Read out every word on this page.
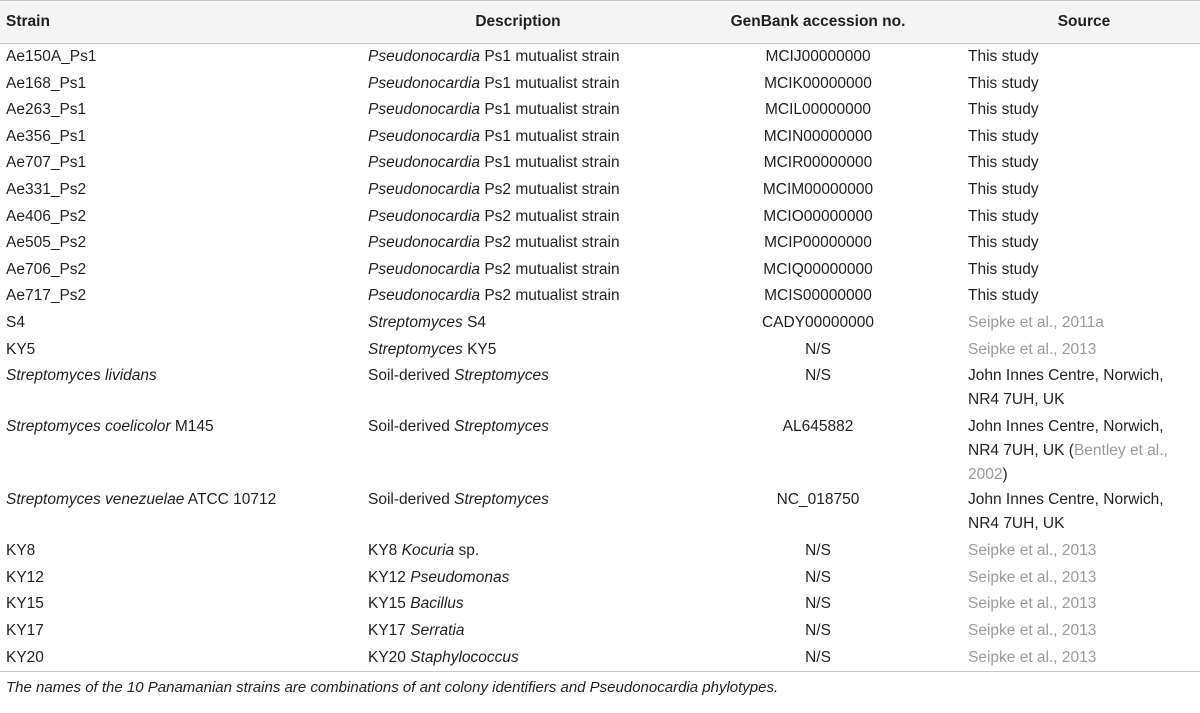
Strain	Description	GenBank accession no.	Source
Ae150A_Ps1	Pseudonocardia Ps1 mutualist strain	MCIJ00000000	This study
Ae168_Ps1	Pseudonocardia Ps1 mutualist strain	MCIK00000000	This study
Ae263_Ps1	Pseudonocardia Ps1 mutualist strain	MCIL00000000	This study
Ae356_Ps1	Pseudonocardia Ps1 mutualist strain	MCIN00000000	This study
Ae707_Ps1	Pseudonocardia Ps1 mutualist strain	MCIR00000000	This study
Ae331_Ps2	Pseudonocardia Ps2 mutualist strain	MCIM00000000	This study
Ae406_Ps2	Pseudonocardia Ps2 mutualist strain	MCIO00000000	This study
Ae505_Ps2	Pseudonocardia Ps2 mutualist strain	MCIP00000000	This study
Ae706_Ps2	Pseudonocardia Ps2 mutualist strain	MCIQ00000000	This study
Ae717_Ps2	Pseudonocardia Ps2 mutualist strain	MCIS00000000	This study
S4	Streptomyces S4	CADY00000000	Seipke et al., 2011a
KY5	Streptomyces KY5	N/S	Seipke et al., 2013
Streptomyces lividans	Soil-derived Streptomyces	N/S	John Innes Centre, Norwich,
NR4 7UH, UK

Streptomyces coelicolor M145	Soil-derived Streptomyces	AL645882	John Innes Centre, Norwich,
NR4 7UH, UK (Bentley et al.,
2002)

Streptomyces venezuelae ATCC 10712	Soil-derived Streptomyces	NC_018750	John Innes Centre, Norwich,
NR4 7UH, UK

KY8	KY8 Kocuria sp.	N/S	Seipke et al., 2013
KY12	KY12 Pseudomonas	N/S	Seipke et al., 2013
KY15	KY15 Bacillus	N/S	Seipke et al., 2013
KY17	KY17 Serratia	N/S	Seipke et al., 2013
KY20	KY20 Staphylococcus	N/S	Seipke et al., 2013
The names of the 10 Panamanian strains are combinations of ant colony identifiers and Pseudonocardia phylotypes.
